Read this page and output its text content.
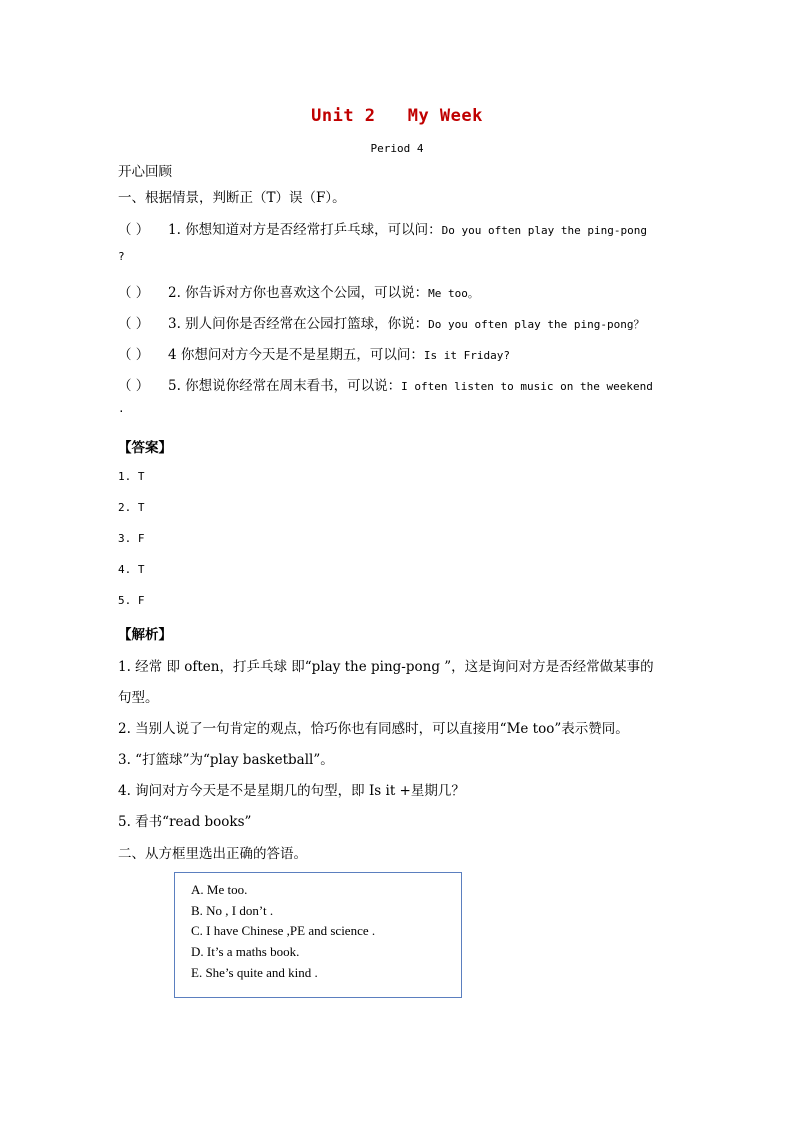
Unit 2   My Week
Period 4
开心回顾
一、根据情景，判断正（T）误（F）。
（ ） 1. 你想知道对方是否经常打乒乓球，可以问：Do you often play the ping-pong
?
（ ） 2. 你告诉对方你也喜欢这个公园，可以说：Me too。
（ ） 3. 别人问你是否经常在公园打篮球，你说：Do you often play the ping-pong？
（ ） 4 你想问对方今天是不是星期五，可以问：Is it Friday?
（ ） 5. 你想说你经常在周末看书，可以说：I often listen to music on the weekend
.
【答案】
1. T
2. T
3. F
4. T
5. F
【解析】
1. 经常 即 often，打乒乓球 即“play the ping-pong ”，这是询问对方是否经常做某事的
句型。
2. 当别人说了一句肯定的观点，恰巧你也有同感时，可以直接用“Me too”表示赞同。
3. “打篮球”为“play basketball”。
4. 询问对方今天是不是星期几的句型，即 Is it +星期几？
5. 看书“read books”
二、从方框里选出正确的答语。
A. Me too.
B. No , I don’t .
C. I have Chinese ,PE and science .
D. It’s a maths book.
E. She’s quite and kind .
